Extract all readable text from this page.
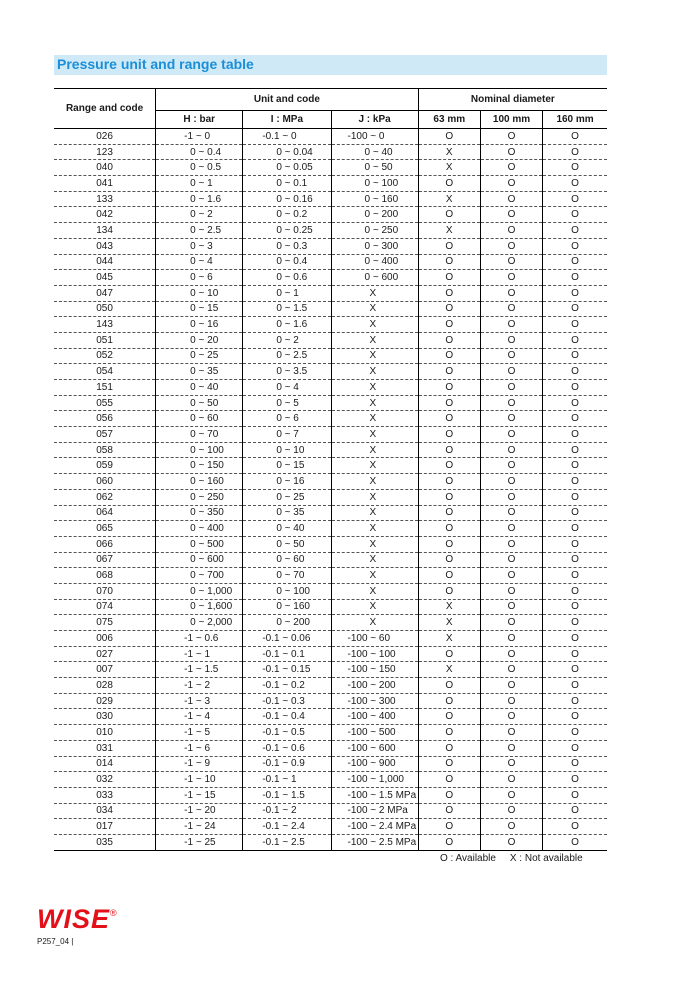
Pressure unit and range table
Range and code	Unit and code			Nominal diameter		
	H : bar	I : MPa	J : kPa	63 mm	100 mm	160 mm
026	-1 ~ 0	-0.1 ~ 0	-100 ~ 0	O	O	O
123	0 ~ 0.4	0 ~ 0.04	0 ~ 40	X	O	O
040	0 ~ 0.5	0 ~ 0.05	0 ~ 50	X	O	O
041	0 ~ 1	0 ~ 0.1	0 ~ 100	O	O	O
133	0 ~ 1.6	0 ~ 0.16	0 ~ 160	X	O	O
042	0 ~ 2	0 ~ 0.2	0 ~ 200	O	O	O
134	0 ~ 2.5	0 ~ 0.25	0 ~ 250	X	O	O
043	0 ~ 3	0 ~ 0.3	0 ~ 300	O	O	O
044	0 ~ 4	0 ~ 0.4	0 ~ 400	O	O	O
045	0 ~ 6	0 ~ 0.6	0 ~ 600	O	O	O
047	0 ~ 10	0 ~ 1	X	O	O	O
050	0 ~ 15	0 ~ 1.5	X	O	O	O
143	0 ~ 16	0 ~ 1.6	X	O	O	O
051	0 ~ 20	0 ~ 2	X	O	O	O
052	0 ~ 25	0 ~ 2.5	X	O	O	O
054	0 ~ 35	0 ~ 3.5	X	O	O	O
151	0 ~ 40	0 ~ 4	X	O	O	O
055	0 ~ 50	0 ~ 5	X	O	O	O
056	0 ~ 60	0 ~ 6	X	O	O	O
057	0 ~ 70	0 ~ 7	X	O	O	O
058	0 ~ 100	0 ~ 10	X	O	O	O
059	0 ~ 150	0 ~ 15	X	O	O	O
060	0 ~ 160	0 ~ 16	X	O	O	O
062	0 ~ 250	0 ~ 25	X	O	O	O
064	0 ~ 350	0 ~ 35	X	O	O	O
065	0 ~ 400	0 ~ 40	X	O	O	O
066	0 ~ 500	0 ~ 50	X	O	O	O
067	0 ~ 600	0 ~ 60	X	O	O	O
068	0 ~ 700	0 ~ 70	X	O	O	O
070	0 ~ 1,000	0 ~ 100	X	O	O	O
074	0 ~ 1,600	0 ~ 160	X	X	O	O
075	0 ~ 2,000	0 ~ 200	X	X	O	O
006	-1 ~ 0.6	-0.1 ~ 0.06	-100 ~ 60	X	O	O
027	-1 ~ 1	-0.1 ~ 0.1	-100 ~ 100	O	O	O
007	-1 ~ 1.5	-0.1 ~ 0.15	-100 ~ 150	X	O	O
028	-1 ~ 2	-0.1 ~ 0.2	-100 ~ 200	O	O	O
029	-1 ~ 3	-0.1 ~ 0.3	-100 ~ 300	O	O	O
030	-1 ~ 4	-0.1 ~ 0.4	-100 ~ 400	O	O	O
010	-1 ~ 5	-0.1 ~ 0.5	-100 ~ 500	O	O	O
031	-1 ~ 6	-0.1 ~ 0.6	-100 ~ 600	O	O	O
014	-1 ~ 9	-0.1 ~ 0.9	-100 ~ 900	O	O	O
032	-1 ~ 10	-0.1 ~ 1	-100 ~ 1,000	O	O	O
033	-1 ~ 15	-0.1 ~ 1.5	-100 ~ 1.5 MPa	O	O	O
034	-1 ~ 20	-0.1 ~ 2	-100 ~ 2 MPa	O	O	O
017	-1 ~ 24	-0.1 ~ 2.4	-100 ~ 2.4 MPa	O	O	O
035	-1 ~ 25	-0.1 ~ 2.5	-100 ~ 2.5 MPa	O	O	O
O : Available     X : Not available
WISE®
P257_04 |
